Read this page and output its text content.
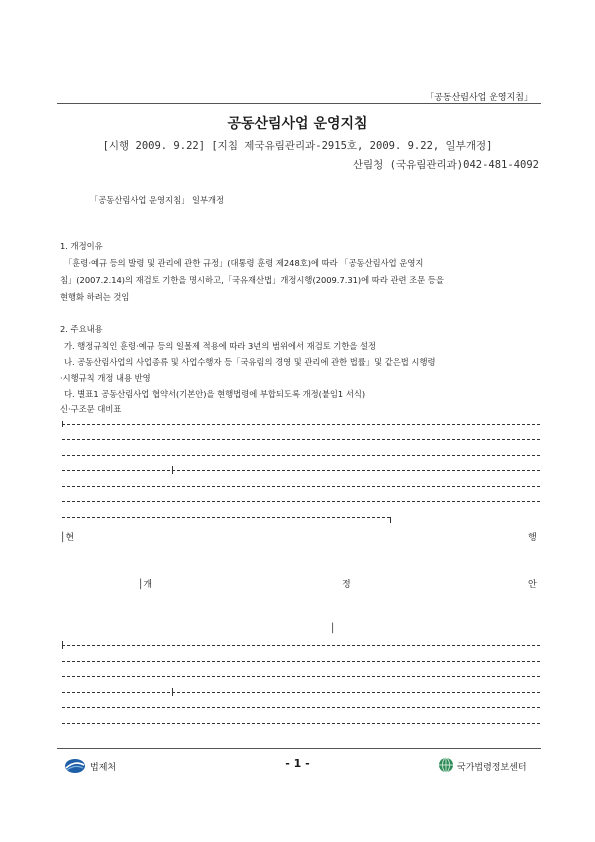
「공동산림사업 운영지침」
공동산림사업 운영지침
[시행 2009. 9.22] [지침 제국유림관리과-2915호, 2009. 9.22, 일부개정]
산림청 (국유림관리과)042-481-4092
「공동산림사업 운영지침」 일부개정
1. 개정이유
「훈령·예규 등의 발령 및 관리에 관한 규정」(대통령 훈령 제248호)에 따라 「공동산림사업 운영지
침」(2007.2.14)의 재검토 기한을 명시하고,「국유재산법」개정시행(2009.7.31)에 따라 관련 조문 등을
현행화 하려는 것임
2. 주요내용
가. 행정규칙인 훈령·예규 등의 일몰제 적용에 따라 3년의 범위에서 재검토 기한을 설정
나. 공동산림사업의 사업종류 및 사업수행자 등「국유림의 경영 및 관리에 관한 법률」및 같은법 시행령
·시행규칙 개정 내용 반영
다. 별표1 공동산림사업 협약서(기본안)을 현행법령에 부합되도록 개정(붙임1 서식)
신·구조문 대비표
│현	행
│개	정	안
│
법제처	- 1 -	국가법령정보센터
